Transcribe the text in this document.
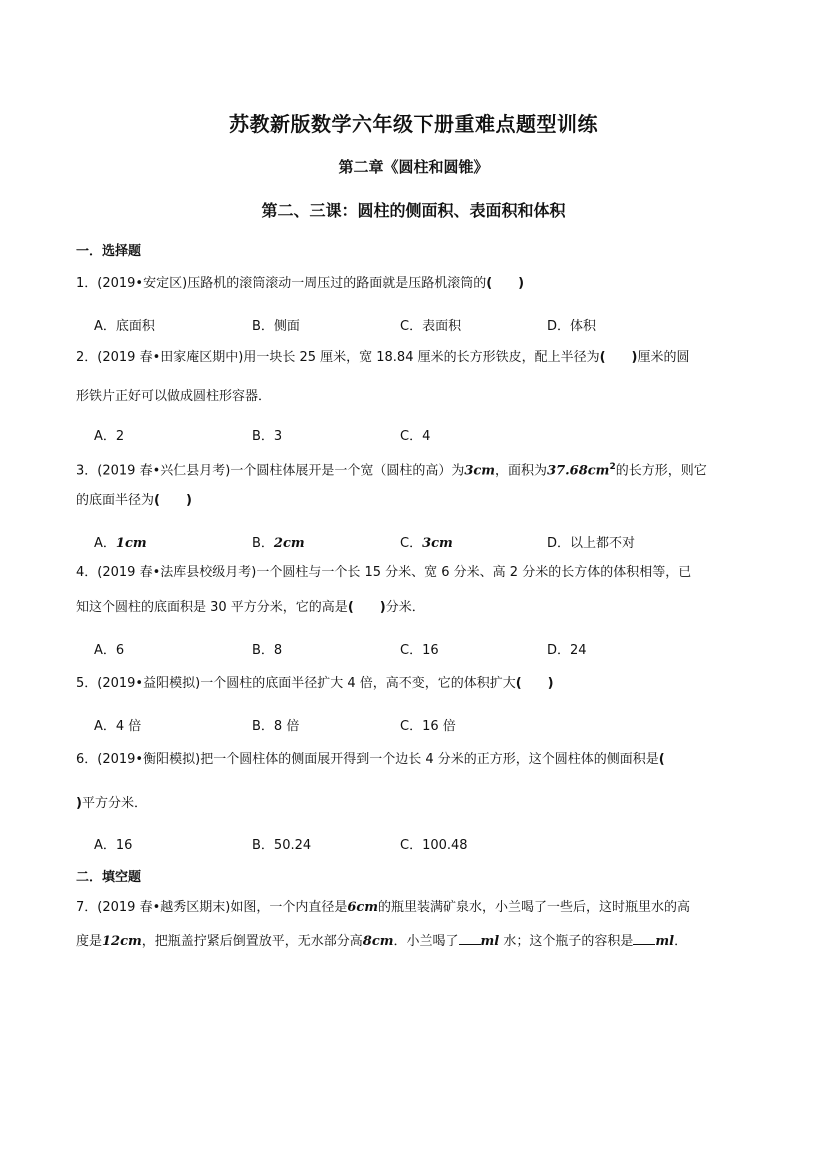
苏教新版数学六年级下册重难点题型训练
第二章《圆柱和圆锥》
第二、三课：圆柱的侧面积、表面积和体积
一．选择题
1．(2019•安定区)压路机的滚筒滚动一周压过的路面就是压路机滚筒的(　　)
A．底面积	B．侧面	C．表面积	D．体积
2．(2019 春•田家庵区期中)用一块长 25 厘米，宽 18.84 厘米的长方形铁皮，配上半径为(　　)厘米的圆
形铁片正好可以做成圆柱形容器．
A．2	B．3	C．4
3．(2019 春•兴仁县月考)一个圆柱体展开是一个宽（圆柱的高）为3cm，面积为$37.68cm^2$的长方形，则它
的底面半径为(　　)
A．1cm	B．2cm	C．3cm	D．以上都不对
4．(2019 春•法库县校级月考)一个圆柱与一个长 15 分米、宽 6 分米、高 2 分米的长方体的体积相等，已
知这个圆柱的底面积是 30 平方分米，它的高是(　　)分米．
A．6	B．8	C．16	D．24
5．(2019•益阳模拟)一个圆柱的底面半径扩大 4 倍，高不变，它的体积扩大(　　)
A．4 倍	B．8 倍	C．16 倍
6．(2019•衡阳模拟)把一个圆柱体的侧面展开得到一个边长 4 分米的正方形，这个圆柱体的侧面积是(
)平方分米．
A．16	B．50.24	C．100.48
二．填空题
7．(2019 春•越秀区期末)如图，一个内直径是6cm的瓶里装满矿泉水，小兰喝了一些后，这时瓶里水的高
度是12cm，把瓶盖拧紧后倒置放平，无水部分高8cm．小兰喝了 ml 水；这个瓶子的容积是 ml．
